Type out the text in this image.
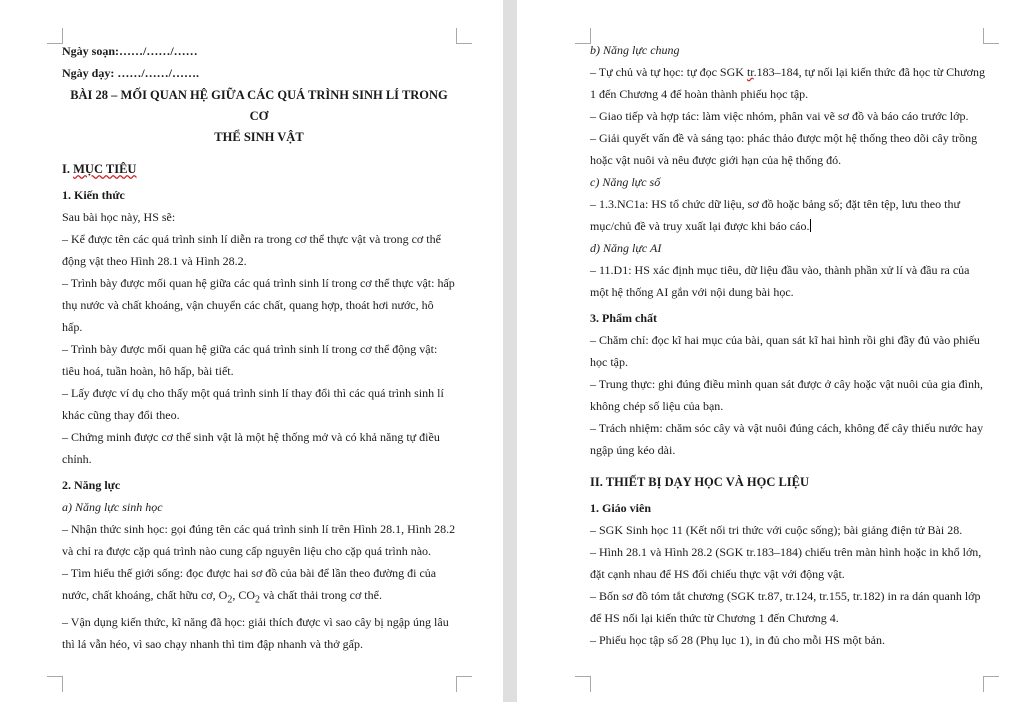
Ngày soạn:……/……/……

Ngày dạy: ……/……/…….

BÀI 28 – MỐI QUAN HỆ GIỮA CÁC QUÁ TRÌNH SINH LÍ TRONG CƠ
THỂ SINH VẬT

I. MỤC TIÊU

1. Kiến thức

Sau bài học này, HS sẽ:

– Kể được tên các quá trình sinh lí diễn ra trong cơ thể thực vật và trong cơ thể động vật theo Hình 28.1 và Hình 28.2.

– Trình bày được mối quan hệ giữa các quá trình sinh lí trong cơ thể thực vật: hấp thụ nước và chất khoáng, vận chuyển các chất, quang hợp, thoát hơi nước, hô hấp.

– Trình bày được mối quan hệ giữa các quá trình sinh lí trong cơ thể động vật: tiêu hoá, tuần hoàn, hô hấp, bài tiết.

– Lấy được ví dụ cho thấy một quá trình sinh lí thay đổi thì các quá trình sinh lí khác cũng thay đổi theo.

– Chứng minh được cơ thể sinh vật là một hệ thống mở và có khả năng tự điều chỉnh.

2. Năng lực

a) Năng lực sinh học

– Nhận thức sinh học: gọi đúng tên các quá trình sinh lí trên Hình 28.1, Hình 28.2 và chỉ ra được cặp quá trình nào cung cấp nguyên liệu cho cặp quá trình nào.

– Tìm hiểu thế giới sống: đọc được hai sơ đồ của bài để lần theo đường đi của nước, chất khoáng, chất hữu cơ, $O_2$, $CO_2$ và chất thải trong cơ thể.

– Vận dụng kiến thức, kĩ năng đã học: giải thích được vì sao cây bị ngập úng lâu thì lá vẫn héo, vì sao chạy nhanh thì tim đập nhanh và thở gấp.

b) Năng lực chung

– Tự chủ và tự học: tự đọc SGK tr.183–184, tự nối lại kiến thức đã học từ Chương 1 đến Chương 4 để hoàn thành phiếu học tập.

– Giao tiếp và hợp tác: làm việc nhóm, phân vai vẽ sơ đồ và báo cáo trước lớp.

– Giải quyết vấn đề và sáng tạo: phác thảo được một hệ thống theo dõi cây trồng hoặc vật nuôi và nêu được giới hạn của hệ thống đó.

c) Năng lực số

– 1.3.NC1a: HS tổ chức dữ liệu, sơ đồ hoặc bảng số; đặt tên tệp, lưu theo thư mục/chủ đề và truy xuất lại được khi báo cáo.

d) Năng lực AI

– 11.D1: HS xác định mục tiêu, dữ liệu đầu vào, thành phần xử lí và đầu ra của một hệ thống AI gắn với nội dung bài học.

3. Phẩm chất

– Chăm chỉ: đọc kĩ hai mục của bài, quan sát kĩ hai hình rồi ghi đầy đủ vào phiếu học tập.

– Trung thực: ghi đúng điều mình quan sát được ở cây hoặc vật nuôi của gia đình, không chép số liệu của bạn.

– Trách nhiệm: chăm sóc cây và vật nuôi đúng cách, không để cây thiếu nước hay ngập úng kéo dài.

II. THIẾT BỊ DẠY HỌC VÀ HỌC LIỆU

1. Giáo viên

– SGK Sinh học 11 (Kết nối tri thức với cuộc sống); bài giảng điện tử Bài 28.

– Hình 28.1 và Hình 28.2 (SGK tr.183–184) chiếu trên màn hình hoặc in khổ lớn, đặt cạnh nhau để HS đối chiếu thực vật với động vật.

– Bốn sơ đồ tóm tắt chương (SGK tr.87, tr.124, tr.155, tr.182) in ra dán quanh lớp để HS nối lại kiến thức từ Chương 1 đến Chương 4.

– Phiếu học tập số 28 (Phụ lục 1), in đủ cho mỗi HS một bản.
